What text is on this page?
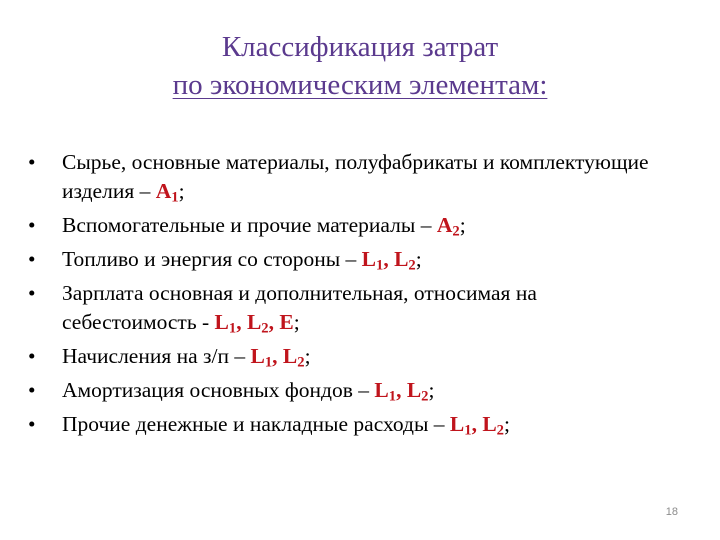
Классификация затрат
по экономическим элементам:
•	Сырье, основные материалы, полуфабрикаты и комплектующие изделия – $А_1$;
•	Вспомогательные и прочие материалы – $А_2$;
•	Топливо и энергия со стороны – $L_1$, $L_2$;
•	Зарплата основная и дополнительная, относимая на себестоимость - $L_1$, $L_2$, E;
•	Начисления на $з/п - L_1$, $L_2$;
•	Амортизация основных фондов – $L_1$, $L_2$;
•	Прочие денежные и накладные расходы – $L_1$, $L_2$;
18
